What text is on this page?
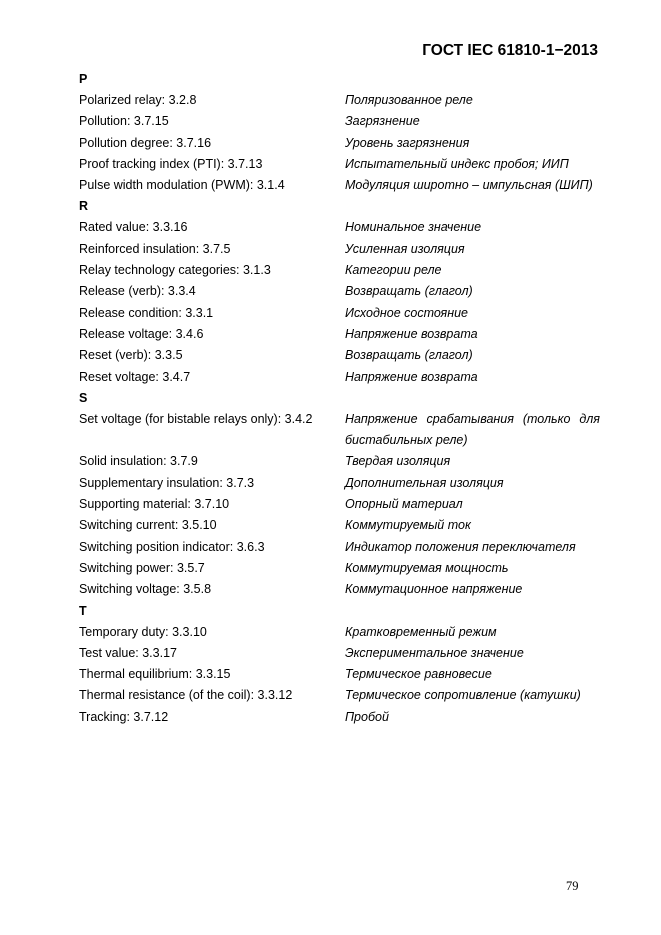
ГОСТ IEC 61810-1−2013
P
Polarized relay: 3.2.8	Поляризованное реле
Pollution: 3.7.15	Загрязнение
Pollution degree: 3.7.16	Уровень загрязнения
Proof tracking index (PTI): 3.7.13	Испытательный индекс пробоя; ИИП
Pulse width modulation (PWM): 3.1.4	Модуляция широтно – импульсная (ШИП)
R
Rated value: 3.3.16	Номинальное значение
Reinforced insulation: 3.7.5	Усиленная изоляция
Relay technology categories: 3.1.3	Категории реле
Release (verb): 3.3.4	Возвращать (глагол)
Release condition: 3.3.1	Исходное состояние
Release voltage: 3.4.6	Напряжение возврата
Reset (verb): 3.3.5	Возвращать (глагол)
Reset voltage: 3.4.7	Напряжение возврата
S
Set voltage (for bistable relays only): 3.4.2	Напряжение срабатывания (только для бистабильных реле)
Solid insulation: 3.7.9	Твердая изоляция
Supplementary insulation: 3.7.3	Дополнительная изоляция
Supporting material: 3.7.10	Опорный материал
Switching current: 3.5.10	Коммутируемый ток
Switching position indicator: 3.6.3	Индикатор положения переключателя
Switching power: 3.5.7	Коммутируемая мощность
Switching voltage: 3.5.8	Коммутационное напряжение
T
Temporary duty: 3.3.10	Кратковременный режим
Test value: 3.3.17	Экспериментальное значение
Thermal equilibrium: 3.3.15	Термическое равновесие
Thermal resistance (of the coil): 3.3.12	Термическое сопротивление (катушки)
Tracking: 3.7.12	Пробой
79
